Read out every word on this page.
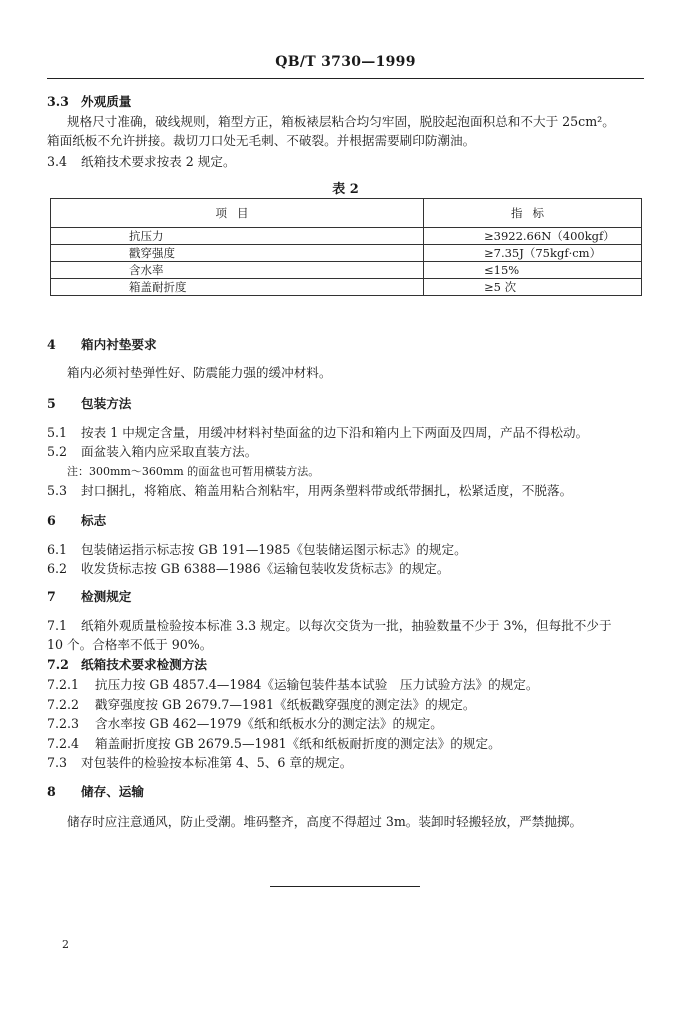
QB/T 3730—1999
3.3 外观质量
规格尺寸准确，破线规则，箱型方正，箱板裱层粘合均匀牢固，脱胶起泡面积总和不大于 25cm²。
箱面纸板不允许拼接。裁切刀口处无毛刺、不破裂。并根据需要刷印防潮油。
3.4 纸箱技术要求按表 2 规定。
表 2
项目	指标
抗压力	≥3922.66N（400kgf）
戳穿强度	≥7.35J（75kgf·cm）
含水率	≤15%
箱盖耐折度	≥5 次
4 箱内衬垫要求
箱内必须衬垫弹性好、防震能力强的缓冲材料。
5 包装方法
5.1 按表 1 中规定含量，用缓冲材料衬垫面盆的边下沿和箱内上下两面及四周，产品不得松动。
5.2 面盆装入箱内应采取直装方法。
注：300mm～360mm 的面盆也可暂用横装方法。
5.3 封口捆扎，将箱底、箱盖用粘合剂粘牢，用两条塑料带或纸带捆扎，松紧适度，不脱落。
6 标志
6.1 包装储运指示标志按 GB 191—1985《包装储运图示标志》的规定。
6.2 收发货标志按 GB 6388—1986《运输包装收发货标志》的规定。
7 检测规定
7.1 纸箱外观质量检验按本标准 3.3 规定。以每次交货为一批，抽验数量不少于 3%，但每批不少于
10 个。合格率不低于 90%。
7.2 纸箱技术要求检测方法
7.2.1 抗压力按 GB 4857.4—1984《运输包装件基本试验　压力试验方法》的规定。
7.2.2 戳穿强度按 GB 2679.7—1981《纸板戳穿强度的测定法》的规定。
7.2.3 含水率按 GB 462—1979《纸和纸板水分的测定法》的规定。
7.2.4 箱盖耐折度按 GB 2679.5—1981《纸和纸板耐折度的测定法》的规定。
7.3 对包装件的检验按本标准第 4、5、6 章的规定。
8 储存、运输
储存时应注意通风，防止受潮。堆码整齐，高度不得超过 3m。装卸时轻搬轻放，严禁抛掷。
2
